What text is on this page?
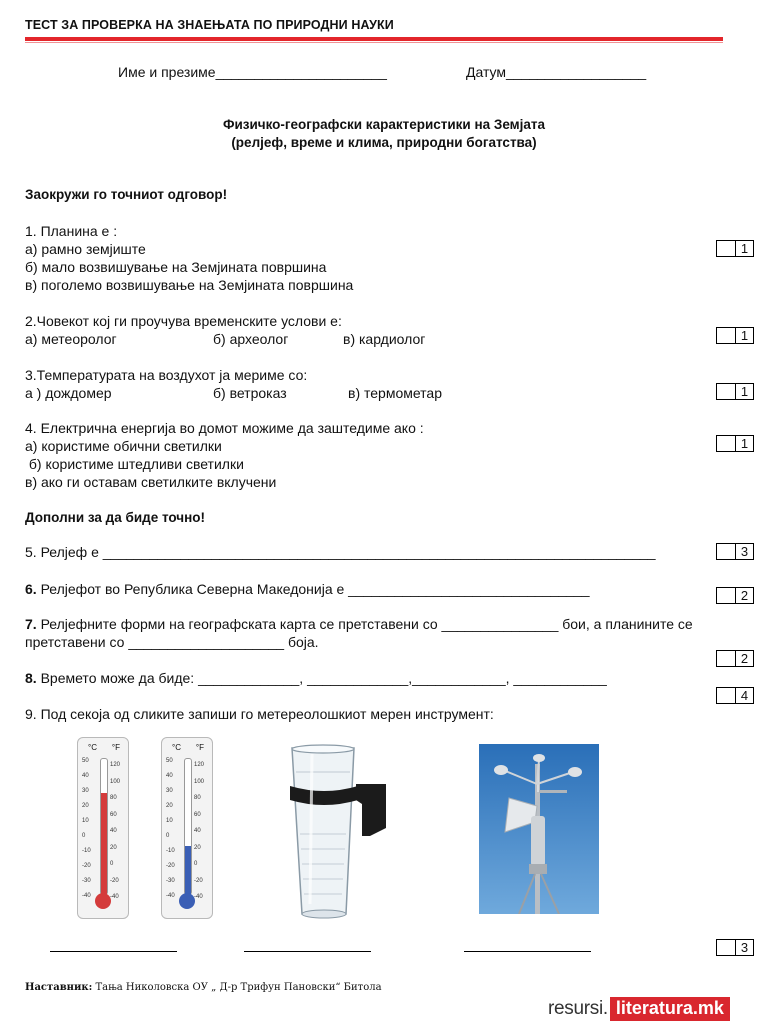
ТЕСТ ЗА ПРОВЕРКА НА ЗНАЕЊАТА ПО ПРИРОДНИ НАУКИ
Име и презиме______________________	Датум__________________
Физичко-географски карактеристики на Земјата
(релјеф, време и клима, природни богатства)
Заокружи го точниот одговор!
1. Планина е :
а) рамно земјиште
б) мало возвишување на Земјината површина
в) поголемо возвишување на Земјината површина
1
2.Човекот кој ги проучува временските услови е:
а) метеоролог	б) археолог	в) кардиолог	1
3.Температурата на воздухот ја мериме со:
а ) дождомер	б) ветроказ	в) термометар	1
4. Електрична енергија во домот можиме да заштедиме ако :
а) користиме обични светилки
б) користиме штедливи светилки
в) ако ги оставам светилките вклучени
1
Дополни за да биде точно!
5. Релјеф е _______________________________________________________________________	3
6. Релјефот во Република Северна Македонија е _______________________________	2
7. Релјефните форми на географската карта се претставени со _______________ бои, а планините се
претставени со ____________________ боја.
2
8. Времето може да биде: _____________, _____________,____________, ____________
4
9. Под секоја од сликите запиши го метереолошкиот мерен инструмент:
°C °F
50
40
30
20
10
0
-10
-20
-30
-40
120
100
80
60
40
20
0
-20
-40
°C °F
50
40
30
20
10
0
-10
-20
-30
-40
120
100
80
60
40
20
0
-20
-40
3
Наставник: Тања Николовска ОУ „ Д-р Трифун Пановски“ Битола
resursi. literatura.mk
